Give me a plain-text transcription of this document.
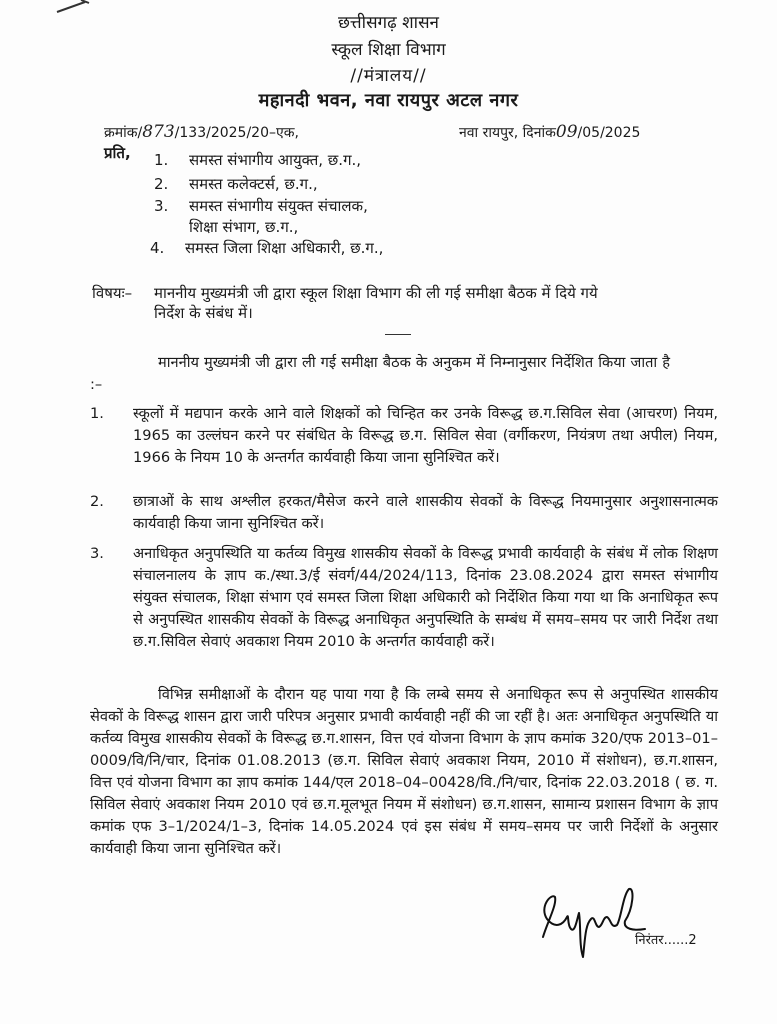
छत्तीसगढ़ शासन
स्कूल शिक्षा विभाग
//मंत्रालय//
महानदी भवन, नवा रायपुर अटल नगर
क्रमांक/873/133/2025/20–एक,	नवा रायपुर, दिनांक09/05/2025
प्रति, 1.	समस्त संभागीय आयुक्त, छ.ग.,
2.	समस्त कलेक्टर्स, छ.ग.,
3.	समस्त संभागीय संयुक्त संचालक,
शिक्षा संभाग, छ.ग.,
4.	समस्त जिला शिक्षा अधिकारी, छ.ग.,
विषयः– माननीय मुख्यमंत्री जी द्वारा स्कूल शिक्षा विभाग की ली गई समीक्षा बैठक में दिये गये निर्देश के संबंध में।
माननीय मुख्यमंत्री जी द्वारा ली गई समीक्षा बैठक के अनुकम में निम्नानुसार निर्देशित किया जाता है :–
1.	स्कूलों में मद्यपान करके आने वाले शिक्षकों को चिन्हित कर उनके विरूद्ध छ.ग.सिविल सेवा (आचरण) नियम, 1965 का उल्लंघन करने पर संबंधित के विरूद्ध छ.ग. सिविल सेवा (वर्गीकरण, नियंत्रण तथा अपील) नियम, 1966 के नियम 10 के अन्तर्गत कार्यवाही किया जाना सुनिश्चित करें।
2.	छात्राओं के साथ अश्लील हरकत/मैसेज करने वाले शासकीय सेवकों के विरूद्ध नियमानुसार अनुशासनात्मक कार्यवाही किया जाना सुनिश्चित करें।
3.	अनाधिकृत अनुपस्थिति या कर्तव्य विमुख शासकीय सेवकों के विरूद्ध प्रभावी कार्यवाही के संबंध में लोक शिक्षण संचालनालय के ज्ञाप क./स्था.3/ई संवर्ग/44/2024/113, दिनांक 23.08.2024 द्वारा समस्त संभागीय संयुक्त संचालक, शिक्षा संभाग एवं समस्त जिला शिक्षा अधिकारी को निर्देशित किया गया था कि अनाधिकृत रूप से अनुपस्थित शासकीय सेवकों के विरूद्ध अनाधिकृत अनुपस्थिति के सम्बंध में समय–समय पर जारी निर्देश तथा छ.ग.सिविल सेवाएं अवकाश नियम 2010 के अन्तर्गत कार्यवाही करें।
विभिन्न समीक्षाओं के दौरान यह पाया गया है कि लम्बे समय से अनाधिकृत रूप से अनुपस्थित शासकीय सेवकों के विरूद्ध शासन द्वारा जारी परिपत्र अनुसार प्रभावी कार्यवाही नहीं की जा रहीं है। अतः अनाधिकृत अनुपस्थिति या कर्तव्य विमुख शासकीय सेवकों के विरूद्ध छ.ग.शासन, वित्त एवं योजना विभाग के ज्ञाप कमांक 320/एफ 2013–01–0009/वि/नि/चार, दिनांक 01.08.2013 (छ.ग. सिविल सेवाएं अवकाश नियम, 2010 में संशोधन), छ.ग.शासन, वित्त एवं योजना विभाग का ज्ञाप कमांक 144/एल 2018–04–00428/वि./नि/चार, दिनांक 22.03.2018 ( छ. ग. सिविल सेवाएं अवकाश नियम 2010 एवं छ.ग.मूलभूत नियम में संशोधन) छ.ग.शासन, सामान्य प्रशासन विभाग के ज्ञाप कमांक एफ 3–1/2024/1–3, दिनांक 14.05.2024 एवं इस संबंध में समय–समय पर जारी निर्देशों के अनुसार कार्यवाही किया जाना सुनिश्चित करें।
निरंतर......2
